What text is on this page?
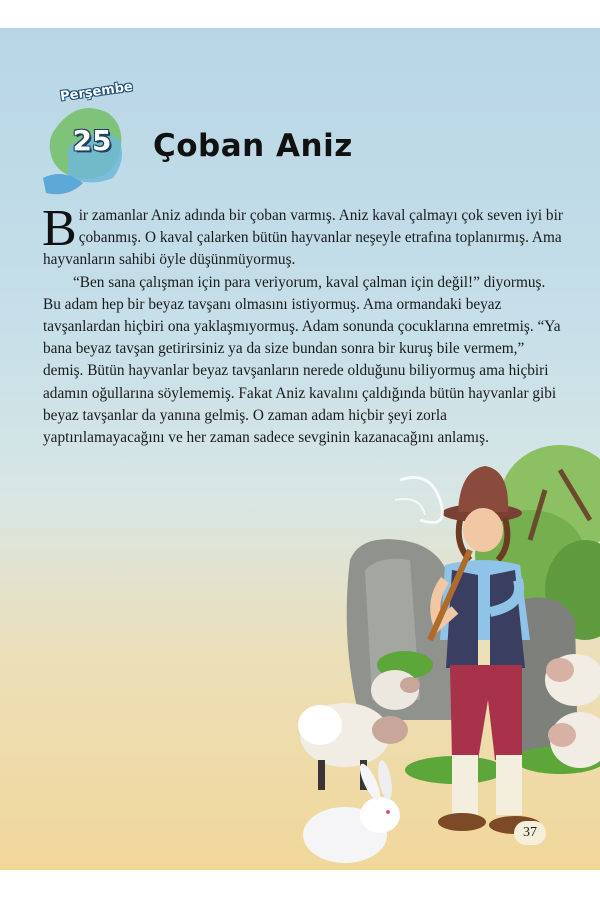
Perşembe
25	Çoban Aniz

Bir zamanlar Aniz adında bir çoban varmış. Aniz kaval çalmayı çok seven iyi bir çobanmış. O kaval çalarken bütün hayvanlar neşeyle etrafına toplanırmış. Ama hayvanların sahibi öyle düşünmüyormuş.

“Ben sana çalışman için para veriyorum, kaval çalman için değil!” diyormuş. Bu adam hep bir beyaz tavşanı olmasını istiyormuş. Ama ormandaki beyaz tavşanlardan hiçbiri ona yaklaşmıyormuş. Adam sonunda çocuklarına emretmiş. “Ya bana beyaz tavşan getirirsiniz ya da size bundan sonra bir kuruş bile vermem,” demiş. Bütün hayvanlar beyaz tavşanların nerede olduğunu biliyormuş ama hiçbiri adamın oğullarına söylememiş. Fakat Aniz kavalını çaldığında bütün hayvanlar gibi beyaz tavşanlar da yanına gelmiş. O zaman adam hiçbir şeyi zorla yaptırılamayacağını ve her zaman sadece sevginin kazanacağını anlamış.

37
